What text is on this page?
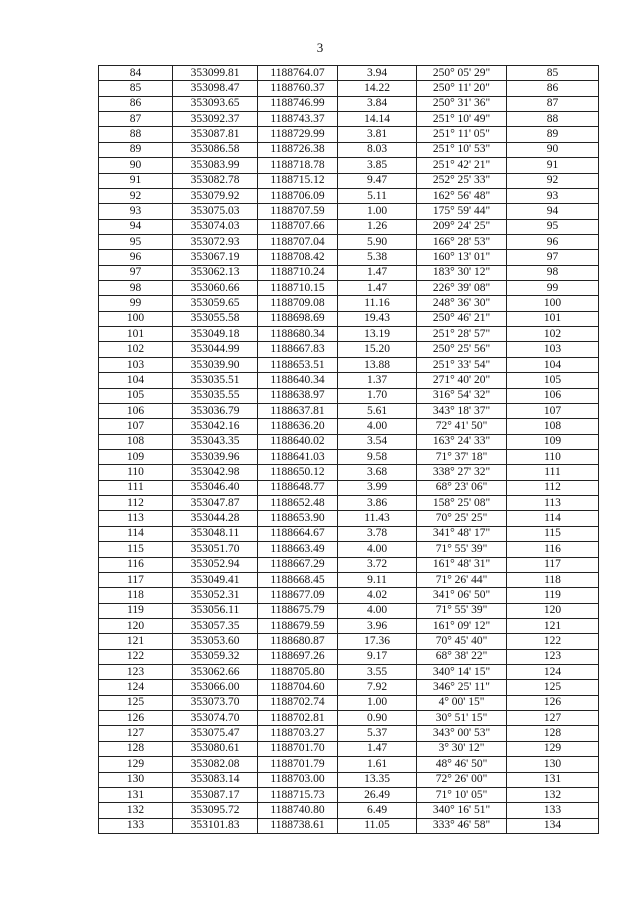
3
84	353099.81	1188764.07	3.94	250° 05' 29"	85
85	353098.47	1188760.37	14.22	250° 11' 20"	86
86	353093.65	1188746.99	3.84	250° 31' 36"	87
87	353092.37	1188743.37	14.14	251° 10' 49"	88
88	353087.81	1188729.99	3.81	251° 11' 05"	89
89	353086.58	1188726.38	8.03	251° 10' 53"	90
90	353083.99	1188718.78	3.85	251° 42' 21"	91
91	353082.78	1188715.12	9.47	252° 25' 33"	92
92	353079.92	1188706.09	5.11	162° 56' 48"	93
93	353075.03	1188707.59	1.00	175° 59' 44"	94
94	353074.03	1188707.66	1.26	209° 24' 25"	95
95	353072.93	1188707.04	5.90	166° 28' 53"	96
96	353067.19	1188708.42	5.38	160° 13' 01"	97
97	353062.13	1188710.24	1.47	183° 30' 12"	98
98	353060.66	1188710.15	1.47	226° 39' 08"	99
99	353059.65	1188709.08	11.16	248° 36' 30"	100
100	353055.58	1188698.69	19.43	250° 46' 21"	101
101	353049.18	1188680.34	13.19	251° 28' 57"	102
102	353044.99	1188667.83	15.20	250° 25' 56"	103
103	353039.90	1188653.51	13.88	251° 33' 54"	104
104	353035.51	1188640.34	1.37	271° 40' 20"	105
105	353035.55	1188638.97	1.70	316° 54' 32"	106
106	353036.79	1188637.81	5.61	343° 18' 37"	107
107	353042.16	1188636.20	4.00	72° 41' 50"	108
108	353043.35	1188640.02	3.54	163° 24' 33"	109
109	353039.96	1188641.03	9.58	71° 37' 18"	110
110	353042.98	1188650.12	3.68	338° 27' 32"	111
111	353046.40	1188648.77	3.99	68° 23' 06"	112
112	353047.87	1188652.48	3.86	158° 25' 08"	113
113	353044.28	1188653.90	11.43	70° 25' 25"	114
114	353048.11	1188664.67	3.78	341° 48' 17"	115
115	353051.70	1188663.49	4.00	71° 55' 39"	116
116	353052.94	1188667.29	3.72	161° 48' 31"	117
117	353049.41	1188668.45	9.11	71° 26' 44"	118
118	353052.31	1188677.09	4.02	341° 06' 50"	119
119	353056.11	1188675.79	4.00	71° 55' 39"	120
120	353057.35	1188679.59	3.96	161° 09' 12"	121
121	353053.60	1188680.87	17.36	70° 45' 40"	122
122	353059.32	1188697.26	9.17	68° 38' 22"	123
123	353062.66	1188705.80	3.55	340° 14' 15"	124
124	353066.00	1188704.60	7.92	346° 25' 11"	125
125	353073.70	1188702.74	1.00	4° 00' 15"	126
126	353074.70	1188702.81	0.90	30° 51' 15"	127
127	353075.47	1188703.27	5.37	343° 00' 53"	128
128	353080.61	1188701.70	1.47	3° 30' 12"	129
129	353082.08	1188701.79	1.61	48° 46' 50"	130
130	353083.14	1188703.00	13.35	72° 26' 00"	131
131	353087.17	1188715.73	26.49	71° 10' 05"	132
132	353095.72	1188740.80	6.49	340° 16' 51"	133
133	353101.83	1188738.61	11.05	333° 46' 58"	134
